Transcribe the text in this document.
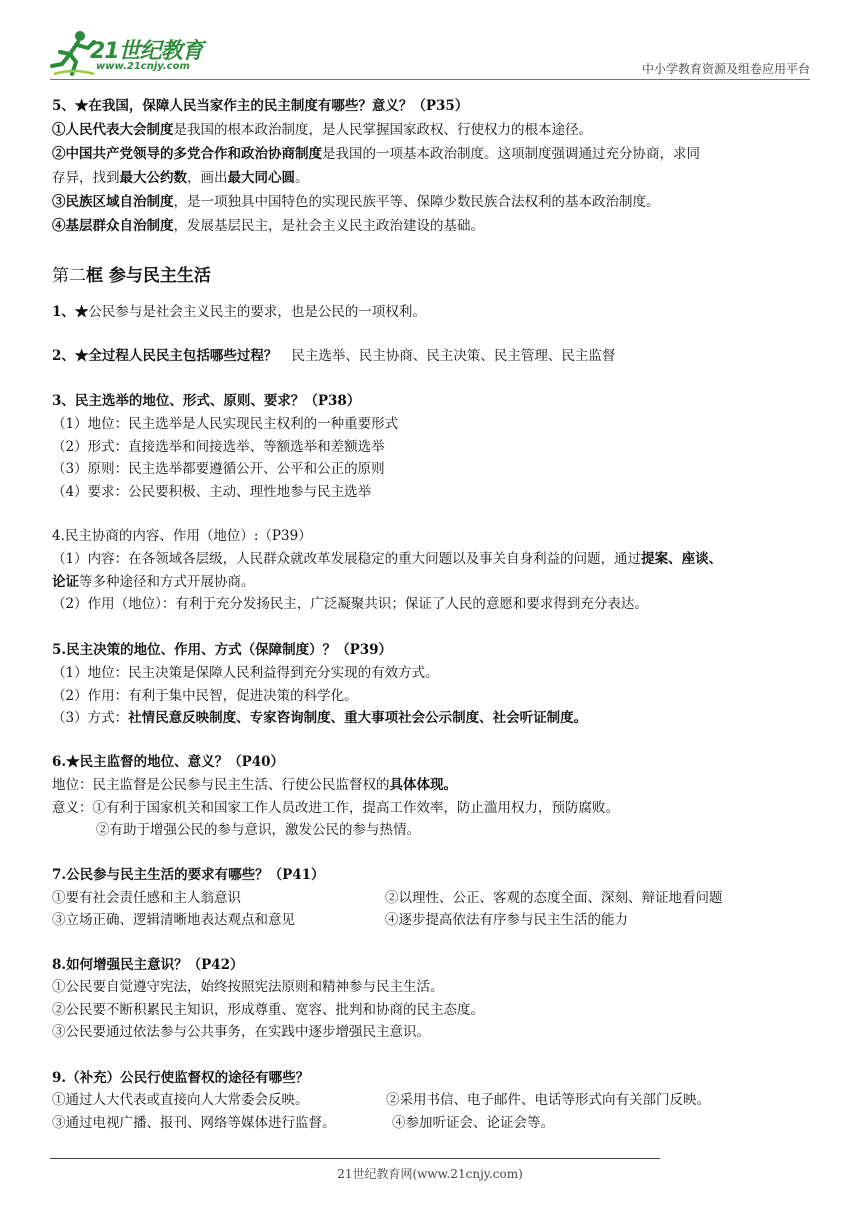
21世纪教育
www.21cnjy.com	中小学教育资源及组卷应用平台
5、★在我国，保障人民当家作主的民主制度有哪些？意义？（P35）
①人民代表大会制度是我国的根本政治制度，是人民掌握国家政权、行使权力的根本途径。
②中国共产党领导的多党合作和政治协商制度是我国的一项基本政治制度。这项制度强调通过充分协商，求同
存异，找到最大公约数，画出最大同心圆。
③民族区域自治制度，是一项独具中国特色的实现民族平等、保障少数民族合法权利的基本政治制度。
④基层群众自治制度，发展基层民主，是社会主义民主政治建设的基础。
第二框 参与民主生活
1、★公民参与是社会主义民主的要求，也是公民的一项权利。
2、★全过程人民民主包括哪些过程？ 民主选举、民主协商、民主决策、民主管理、民主监督
3、民主选举的地位、形式、原则、要求？（P38）
（1）地位：民主选举是人民实现民主权利的一种重要形式
（2）形式：直接选举和间接选举、等额选举和差额选举
（3）原则：民主选举都要遵循公开、公平和公正的原则
（4）要求：公民要积极、主动、理性地参与民主选举
4.民主协商的内容、作用（地位）:（P39）
（1）内容：在各领域各层级，人民群众就改革发展稳定的重大问题以及事关自身利益的问题，通过提案、座谈、
论证等多种途径和方式开展协商。
（2）作用（地位）：有利于充分发扬民主，广泛凝聚共识；保证了人民的意愿和要求得到充分表达。
5.民主决策的地位、作用、方式（保障制度）？（P39）
（1）地位：民主决策是保障人民利益得到充分实现的有效方式。
（2）作用：有利于集中民智，促进决策的科学化。
（3）方式：社情民意反映制度、专家咨询制度、重大事项社会公示制度、社会听证制度。
6.★民主监督的地位、意义？（P40）
地位：民主监督是公民参与民主生活、行使公民监督权的具体体现。
意义：①有利于国家机关和国家工作人员改进工作，提高工作效率，防止滥用权力，预防腐败。
②有助于增强公民的参与意识，激发公民的参与热情。
7.公民参与民主生活的要求有哪些？（P41）
①要有社会责任感和主人翁意识	②以理性、公正、客观的态度全面、深刻、辩证地看问题
③立场正确、逻辑清晰地表达观点和意见	④逐步提高依法有序参与民主生活的能力
8.如何增强民主意识？（P42）
①公民要自觉遵守宪法，始终按照宪法原则和精神参与民主生活。
②公民要不断积累民主知识，形成尊重、宽容、批判和协商的民主态度。
③公民要通过依法参与公共事务，在实践中逐步增强民主意识。
9.（补充）公民行使监督权的途径有哪些？
①通过人大代表或直接向人大常委会反映。	②采用书信、电子邮件、电话等形式向有关部门反映。
③通过电视广播、报刊、网络等媒体进行监督。	④参加听证会、论证会等。
21世纪教育网(www.21cnjy.com)
